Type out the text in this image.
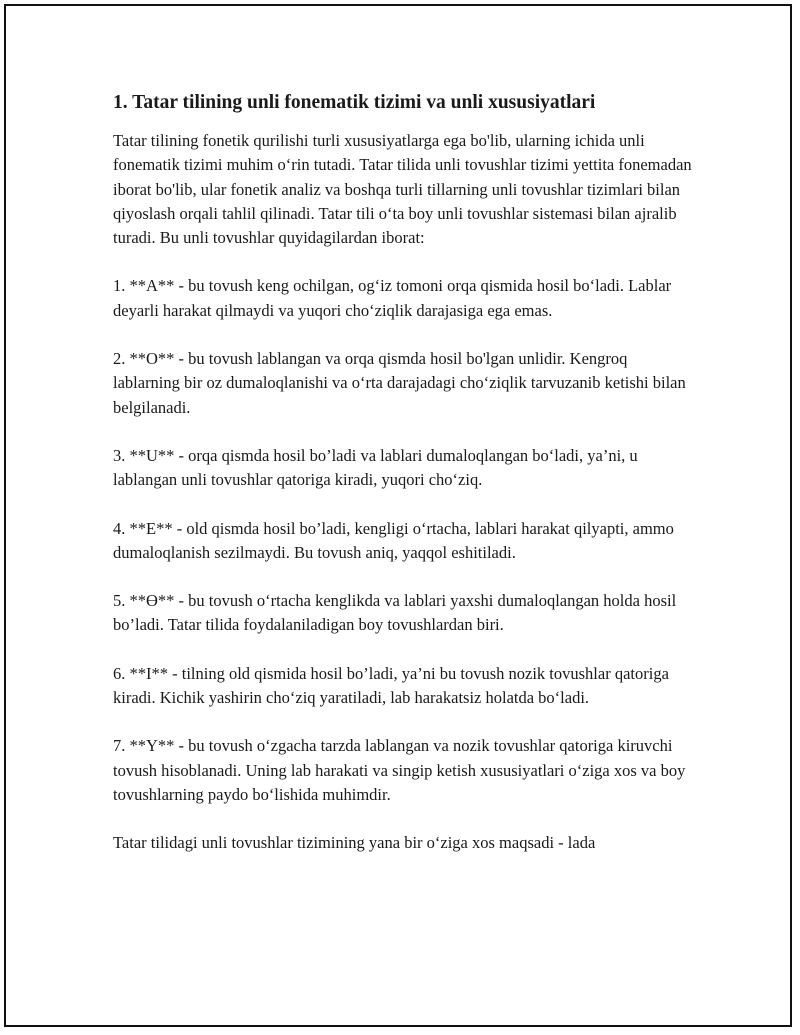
1. Tatar tilining unli fonematik tizimi va unli xususiyatlari

Tatar tilining fonetik qurilishi turli xususiyatlarga ega bo'lib, ularning ichida unli fonematik tizimi muhim o‘rin tutadi. Tatar tilida unli tovushlar tizimi yettita fonemadan iborat bo'lib, ular fonetik analiz va boshqa turli tillarning unli tovushlar tizimlari bilan qiyoslash orqali tahlil qilinadi. Tatar tili o‘ta boy unli tovushlar sistemasi bilan ajralib turadi. Bu unli tovushlar quyidagilardan iborat:

1. **A** - bu tovush keng ochilgan, og‘iz tomoni orqa qismida hosil bo‘ladi. Lablar deyarli harakat qilmaydi va yuqori cho‘ziqlik darajasiga ega emas.

2. **O** - bu tovush lablangan va orqa qismda hosil bo'lgan unlidir. Kengroq lablarning bir oz dumaloqlanishi va o‘rta darajadagi cho‘ziqlik tarvuzanib ketishi bilan belgilanadi.

3. **U** - orqa qismda hosil bo’ladi va lablari dumaloqlangan bo‘ladi, ya’ni, u lablangan unli tovushlar qatoriga kiradi, yuqori cho‘ziq.

4. **E** - old qismda hosil bo’ladi, kengligi o‘rtacha, lablari harakat qilyapti, ammo dumaloqlanish sezilmaydi. Bu tovush aniq, yaqqol eshitiladi.

5. **Ө** - bu tovush o‘rtacha kenglikda va lablari yaxshi dumaloqlangan holda hosil bo’ladi. Tatar tilida foydalaniladigan boy tovushlardan biri.

6. **I** - tilning old qismida hosil bo’ladi, ya’ni bu tovush nozik tovushlar qatoriga kiradi. Kichik yashirin cho‘ziq yaratiladi, lab harakatsiz holatda bo‘ladi.

7. **Y** - bu tovush o‘zgacha tarzda lablangan va nozik tovushlar qatoriga kiruvchi tovush hisoblanadi. Uning lab harakati va singip ketish xususiyatlari o‘ziga xos va boy tovushlarning paydo bo‘lishida muhimdir.

Tatar tilidagi unli tovushlar tizimining yana bir o‘ziga xos maqsadi - lada
